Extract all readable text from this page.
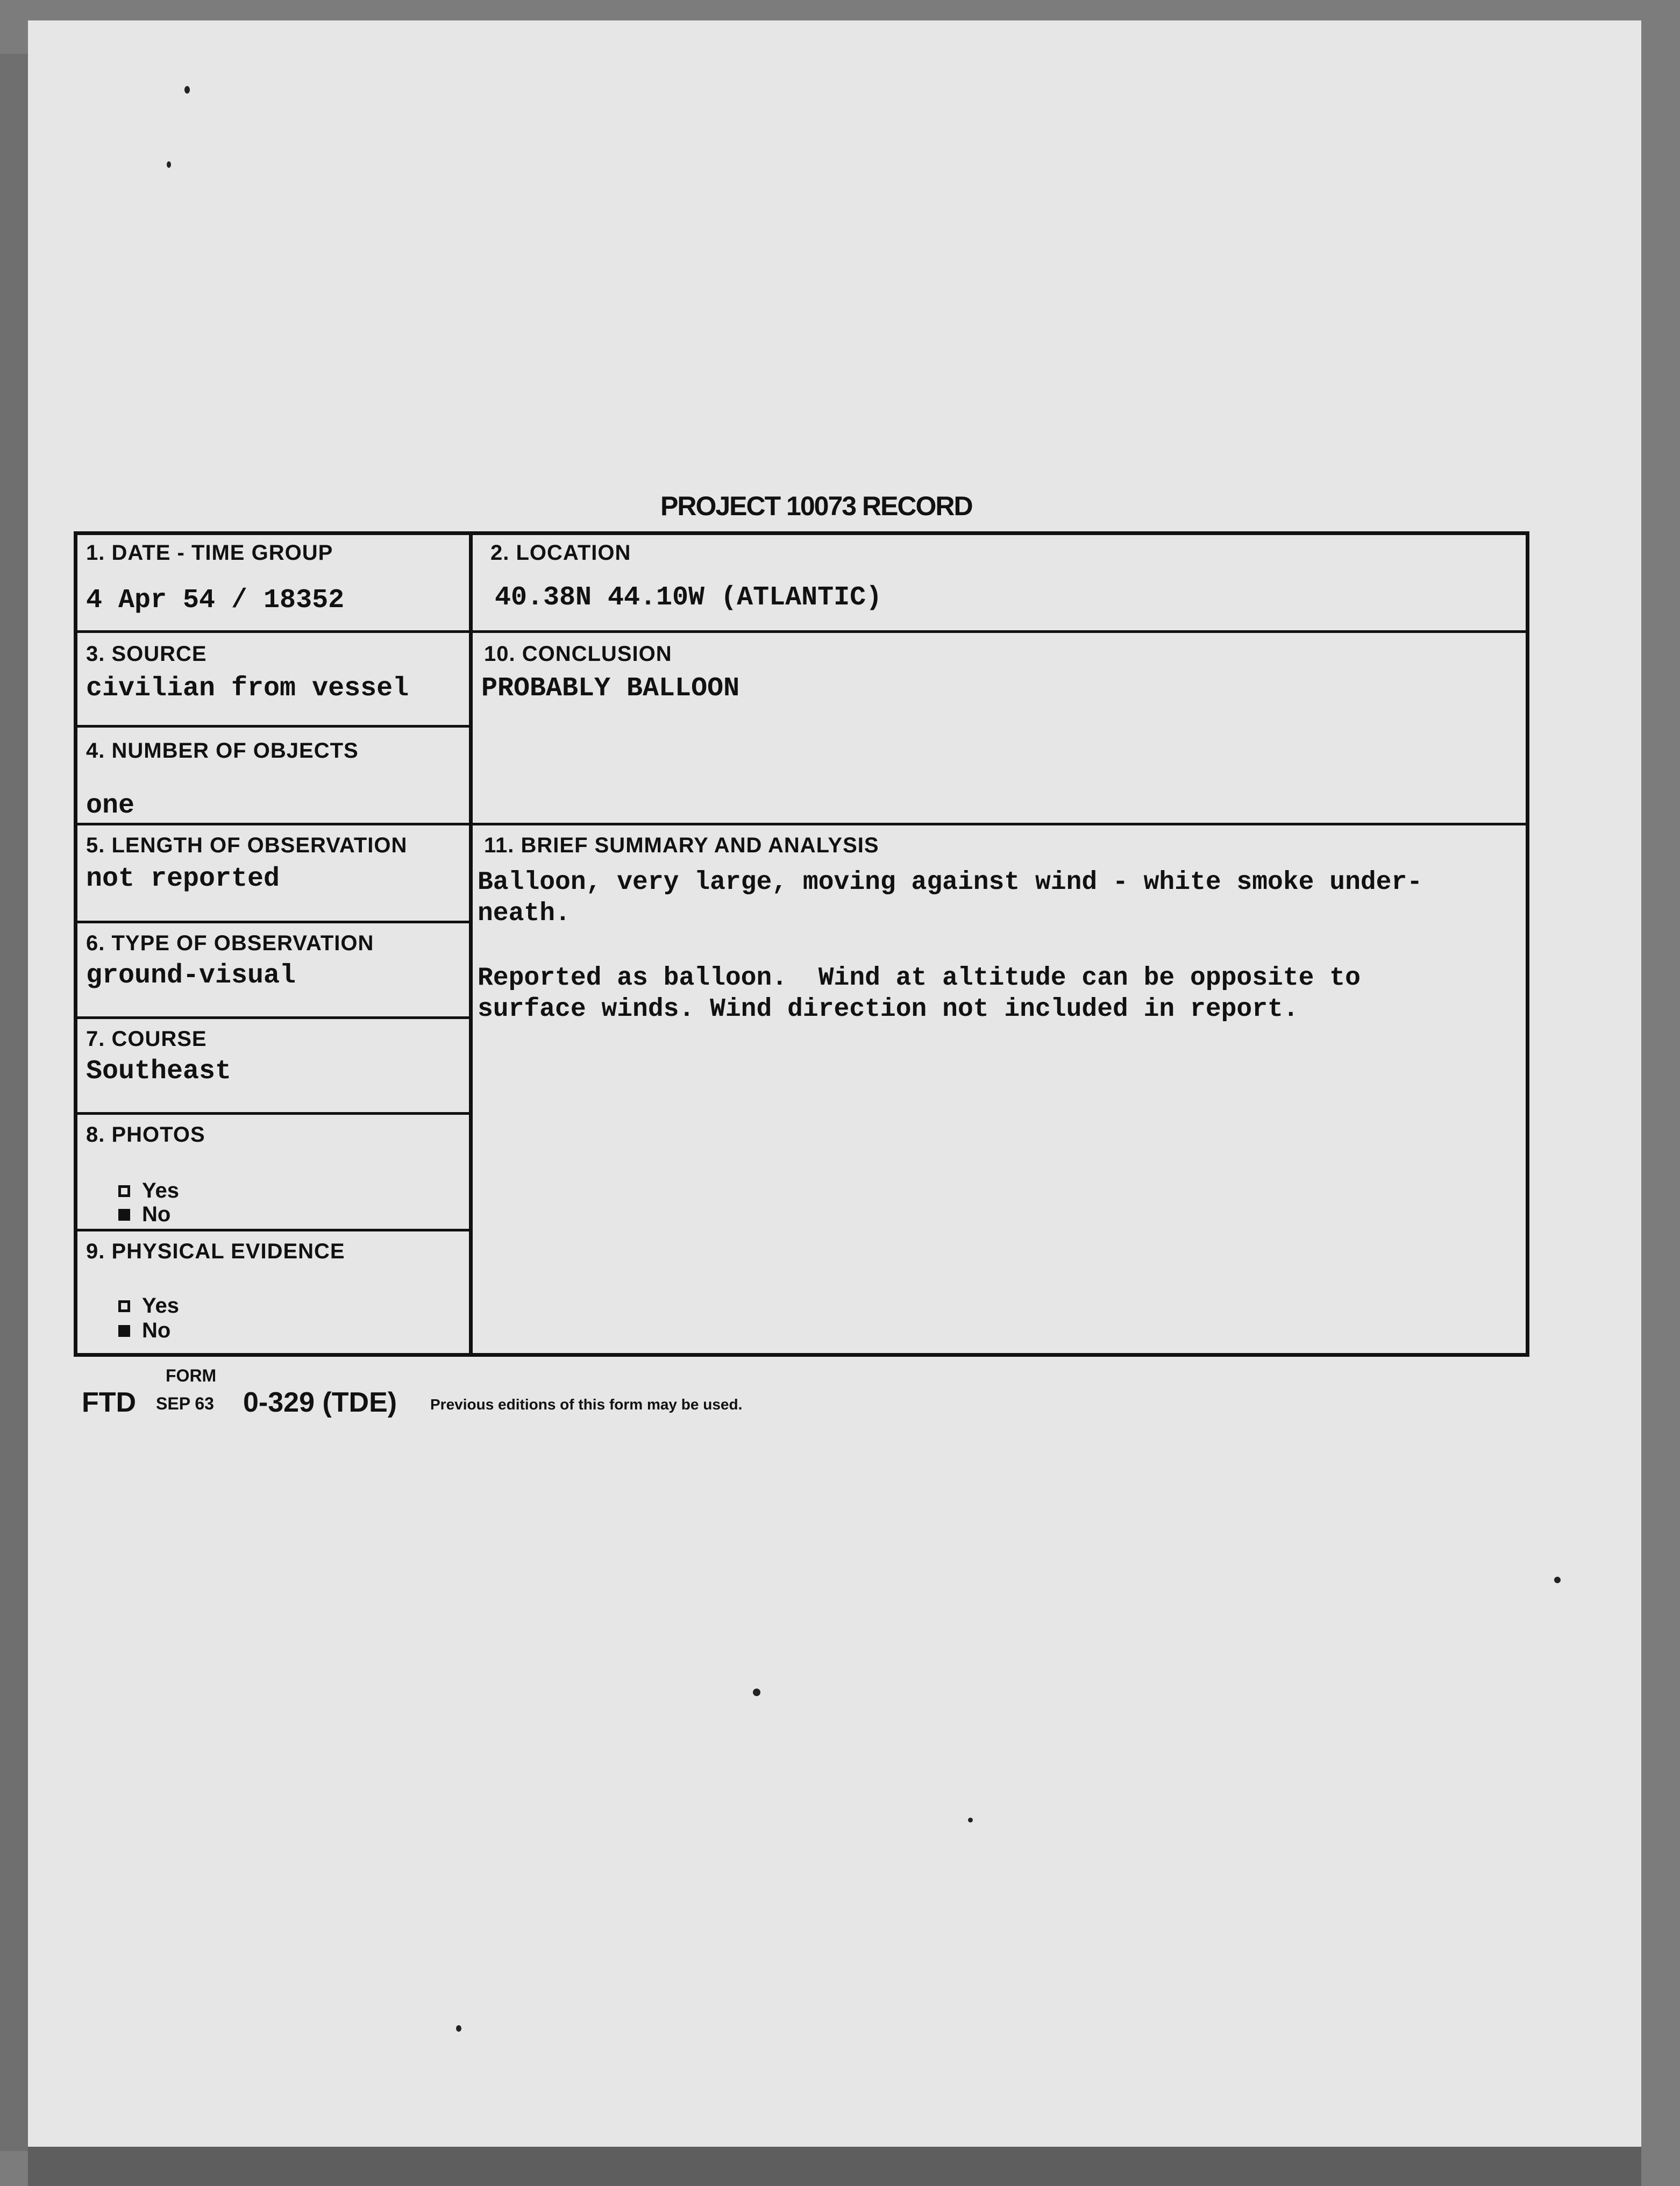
PROJECT 10073 RECORD
1. DATE - TIME GROUP
4 Apr 54 / 18352
2. LOCATION
40.38N 44.10W (ATLANTIC)
3. SOURCE
civilian from vessel
10. CONCLUSION
PROBABLY BALLOON
4. NUMBER OF OBJECTS
one
5. LENGTH OF OBSERVATION
not reported
11. BRIEF SUMMARY AND ANALYSIS
Balloon, very large, moving against wind - white smoke under-
neath.
Reported as balloon.  Wind at altitude can be opposite to
surface winds. Wind direction not included in report.
6. TYPE OF OBSERVATION
ground-visual
7. COURSE
Southeast
8. PHOTOS
Yes
No
9. PHYSICAL EVIDENCE
Yes
No
FTD
FORM
SEP 63 0-329 (TDE) Previous editions of this form may be used.
